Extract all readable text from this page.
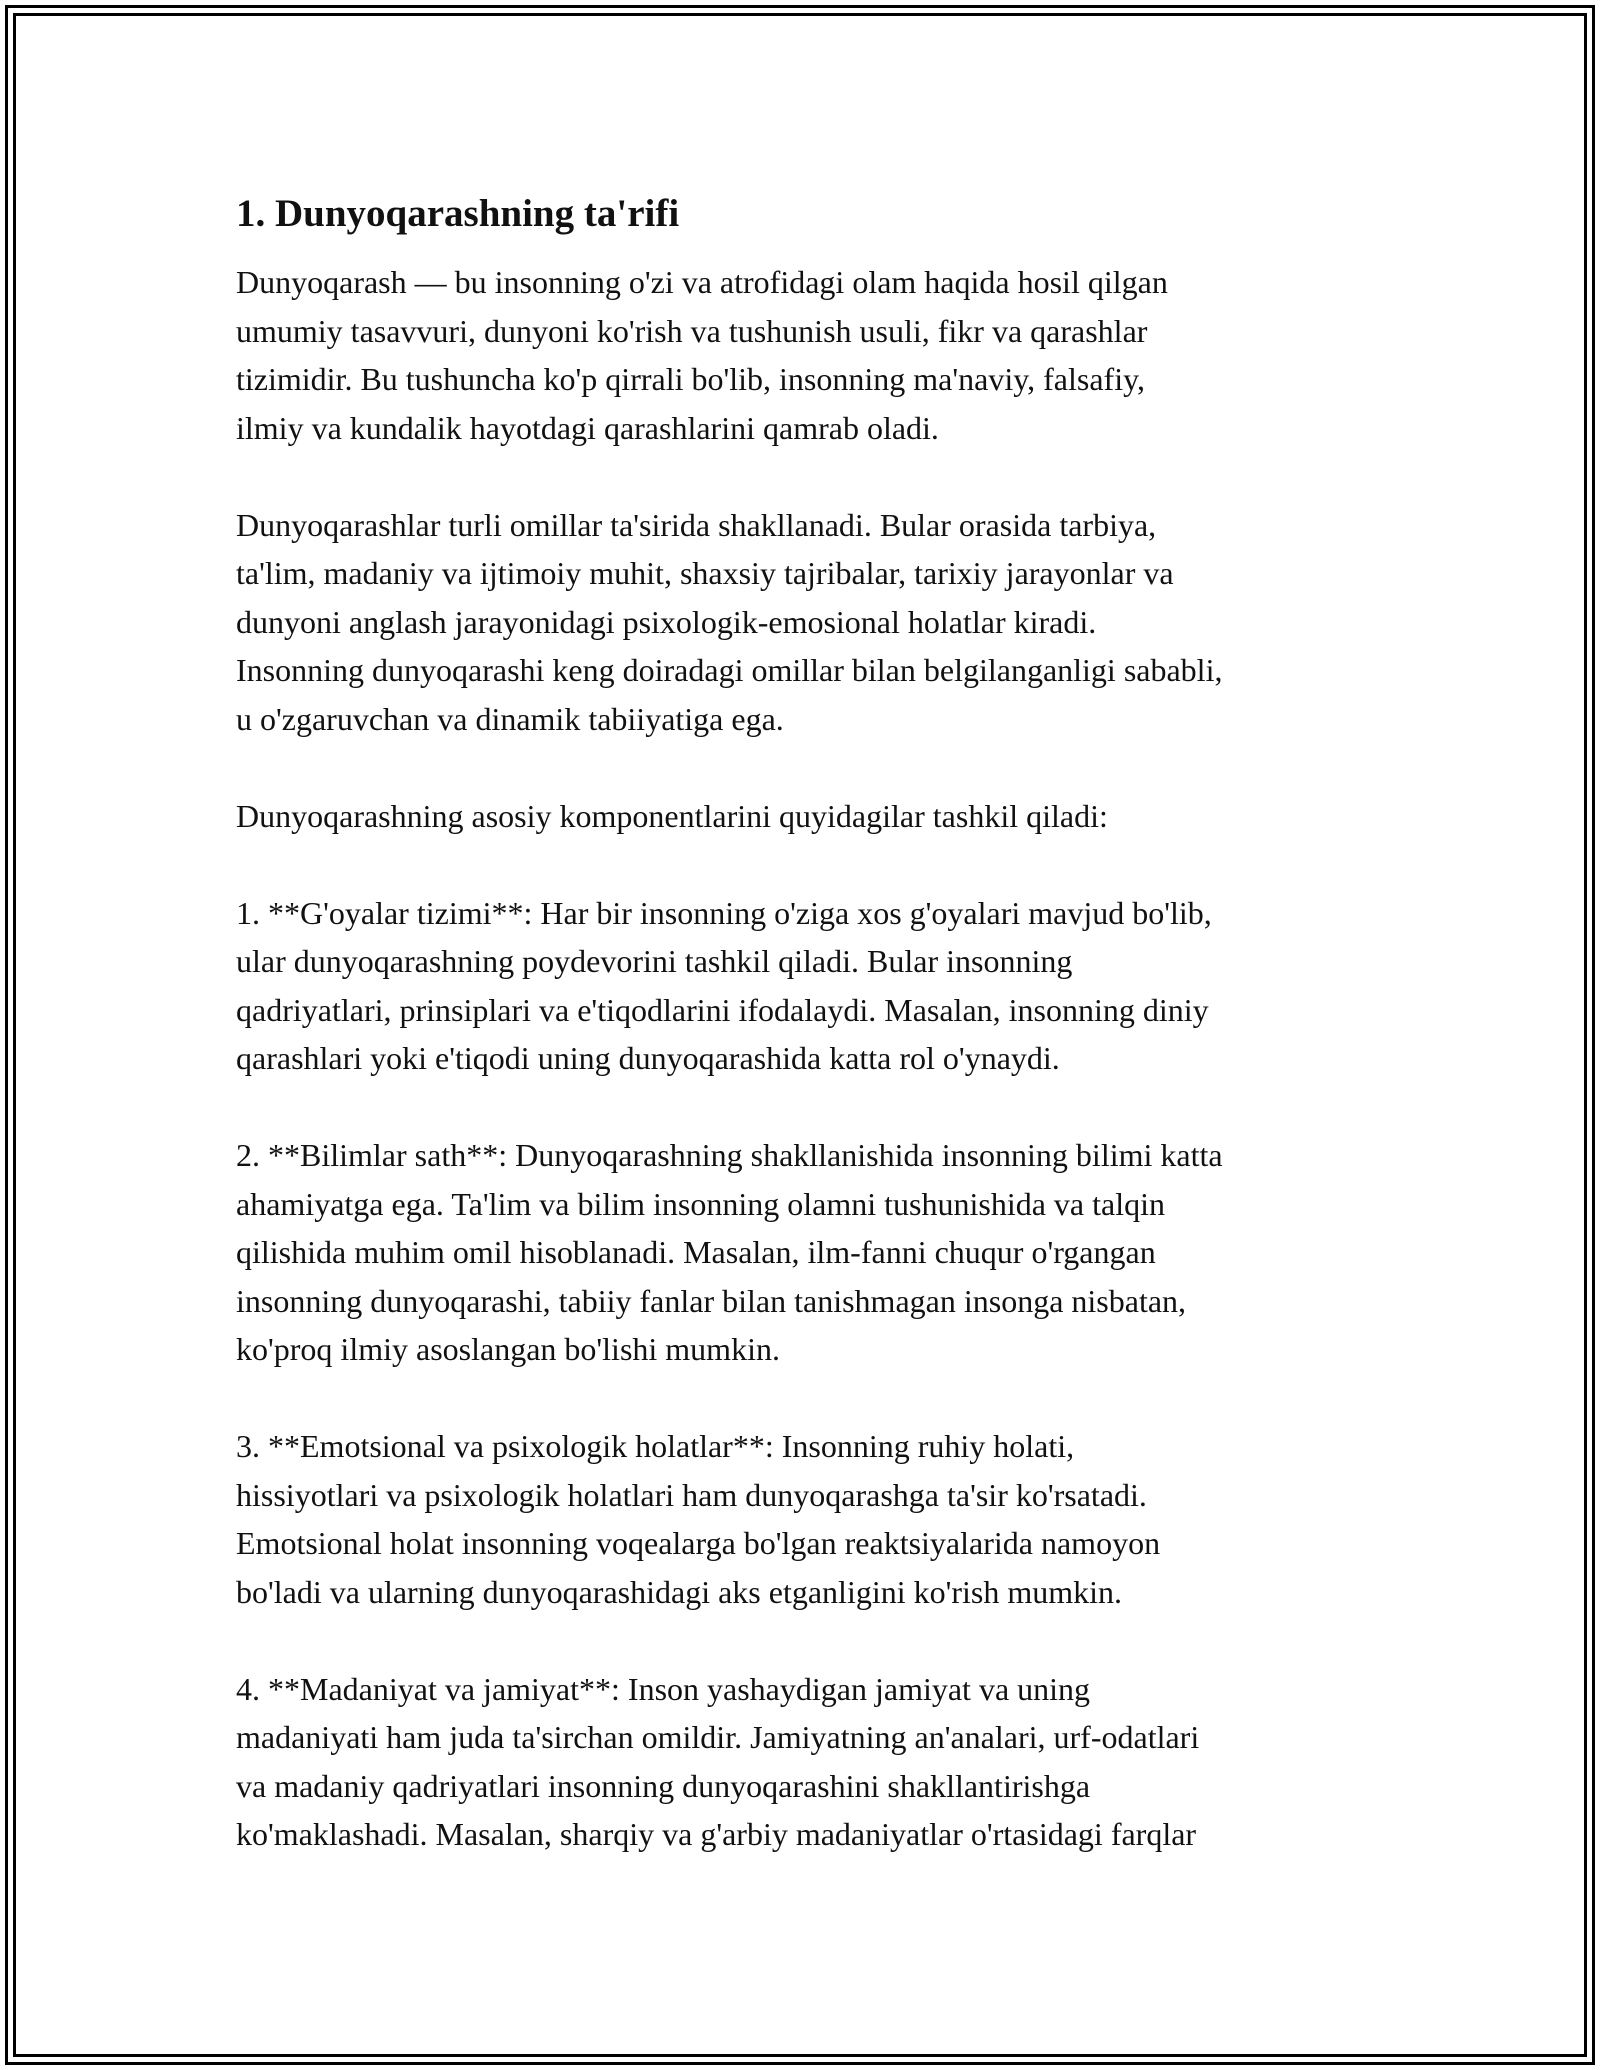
1. Dunyoqarashning ta'rifi

Dunyoqarash — bu insonning o'zi va atrofidagi olam haqida hosil qilgan
umumiy tasavvuri, dunyoni ko'rish va tushunish usuli, fikr va qarashlar
tizimidir. Bu tushuncha ko'p qirrali bo'lib, insonning ma'naviy, falsafiy,
ilmiy va kundalik hayotdagi qarashlarini qamrab oladi.

Dunyoqarashlar turli omillar ta'sirida shakllanadi. Bular orasida tarbiya,
ta'lim, madaniy va ijtimoiy muhit, shaxsiy tajribalar, tarixiy jarayonlar va
dunyoni anglash jarayonidagi psixologik-emosional holatlar kiradi.
Insonning dunyoqarashi keng doiradagi omillar bilan belgilanganligi sababli,
u o'zgaruvchan va dinamik tabiiyatiga ega.

Dunyoqarashning asosiy komponentlarini quyidagilar tashkil qiladi:

1. **G'oyalar tizimi**: Har bir insonning o'ziga xos g'oyalari mavjud bo'lib,
ular dunyoqarashning poydevorini tashkil qiladi. Bular insonning
qadriyatlari, prinsiplari va e'tiqodlarini ifodalaydi. Masalan, insonning diniy
qarashlari yoki e'tiqodi uning dunyoqarashida katta rol o'ynaydi.

2. **Bilimlar sath**: Dunyoqarashning shakllanishida insonning bilimi katta
ahamiyatga ega. Ta'lim va bilim insonning olamni tushunishida va talqin
qilishida muhim omil hisoblanadi. Masalan, ilm-fanni chuqur o'rgangan
insonning dunyoqarashi, tabiiy fanlar bilan tanishmagan insonga nisbatan,
ko'proq ilmiy asoslangan bo'lishi mumkin.

3. **Emotsional va psixologik holatlar**: Insonning ruhiy holati,
hissiyotlari va psixologik holatlari ham dunyoqarashga ta'sir ko'rsatadi.
Emotsional holat insonning voqealarga bo'lgan reaktsiyalarida namoyon
bo'ladi va ularning dunyoqarashidagi aks etganligini ko'rish mumkin.

4. **Madaniyat va jamiyat**: Inson yashaydigan jamiyat va uning
madaniyati ham juda ta'sirchan omildir. Jamiyatning an'analari, urf-odatlari
va madaniy qadriyatlari insonning dunyoqarashini shakllantirishga
ko'maklashadi. Masalan, sharqiy va g'arbiy madaniyatlar o'rtasidagi farqlar
